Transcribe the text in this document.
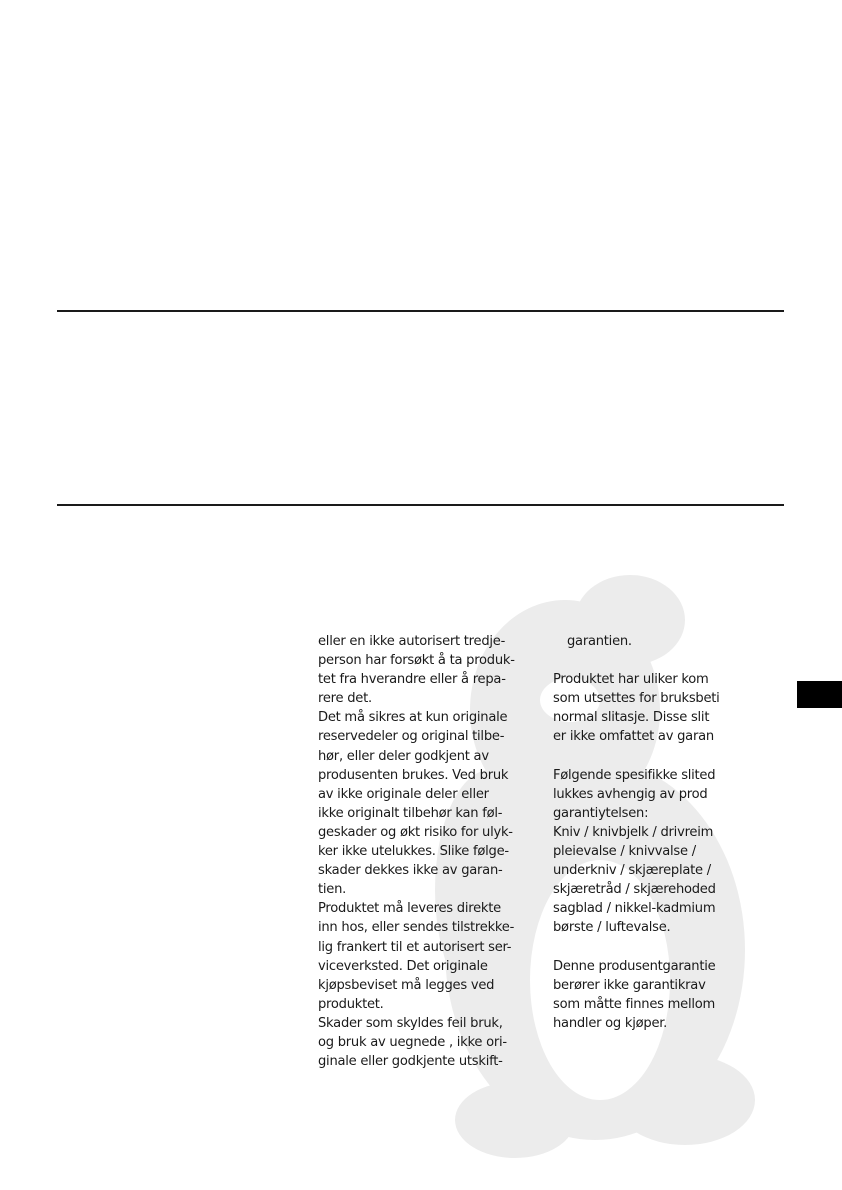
eller en ikke autorisert tredje-
person har forsøkt å ta produk-
tet fra hverandre eller å repa-
rere det.
Det må sikres at kun originale
reservedeler og original tilbe-
hør, eller deler godkjent av
produsenten brukes. Ved bruk
av ikke originale deler eller
ikke originalt tilbehør kan føl-
geskader og økt risiko for ulyk-
ker ikke utelukkes. Slike følge-
skader dekkes ikke av garan-
tien.
Produktet må leveres direkte
inn hos, eller sendes tilstrekke-
lig frankert til et autorisert ser-
viceverksted. Det originale
kjøpsbeviset må legges ved
produktet.
Skader som skyldes feil bruk,
og bruk av uegnede , ikke ori-
ginale eller godkjente utskift-
garantien.
Produktet har uliker kom
som utsettes for bruksbeti
normal slitasje. Disse slit
er ikke omfattet av garan
Følgende spesifikke slited
lukkes avhengig av prod
garantiytelsen:
Kniv / knivbjelk / drivreim
pleievalse / knivvalse /
underkniv / skjæreplate /
skjæretråd / skjærehoded
sagblad / nikkel-kadmium
børste / luftevalse.
Denne produsentgarantie
berører ikke garantikrav
som måtte finnes mellom
handler og kjøper.
